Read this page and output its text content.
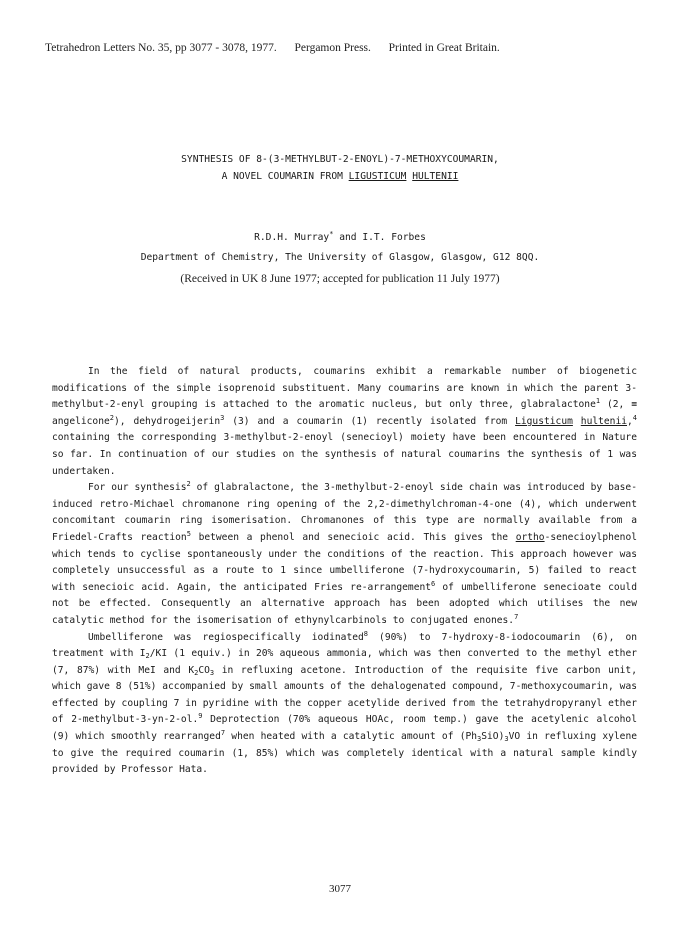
Tetrahedron Letters No. 35, pp 3077 - 3078, 1977. Pergamon Press. Printed in Great Britain.
SYNTHESIS OF 8-(3-METHYLBUT-2-ENOYL)-7-METHOXYCOUMARIN,
A NOVEL COUMARIN FROM LIGUSTICUM HULTENII
R.D.H. Murray* and I.T. Forbes
Department of Chemistry, The University of Glasgow, Glasgow, G12 8QQ.
(Received in UK 8 June 1977; accepted for publication 11 July 1977)

In the field of natural products, coumarins exhibit a remarkable number of biogenetic modifications of the simple isoprenoid substituent. Many coumarins are known in which the parent 3-methylbut-2-enyl grouping is attached to the aromatic nucleus, but only three, glabralactone$^1$ (2, ≡ angelicone$^2$), dehydrogeijerin$^3$ (3) and a coumarin (1) recently isolated from Ligusticum hultenii,$^4$ containing the corresponding 3-methylbut-2-enoyl (senecioyl) moiety have been encountered in Nature so far. In continuation of our studies on the synthesis of natural coumarins the synthesis of 1 was undertaken.

For our synthesis$^2$ of glabralactone, the 3-methylbut-2-enoyl side chain was introduced by base-induced retro-Michael chromanone ring opening of the 2,2-dimethylchroman-4-one (4), which underwent concomitant coumarin ring isomerisation. Chromanones of this type are normally available from a Friedel-Crafts reaction$^5$ between a phenol and senecioic acid. This gives the ortho-senecioylphenol which tends to cyclise spontaneously under the conditions of the reaction. This approach however was completely unsuccessful as a route to 1 since umbelliferone (7-hydroxycoumarin, 5) failed to react with senecioic acid. Again, the anticipated Fries re-arrangement$^6$ of umbelliferone senecioate could not be effected. Consequently an alternative approach has been adopted which utilises the new catalytic method for the isomerisation of ethynylcarbinols to conjugated enones.$^7$

Umbelliferone was regiospecifically iodinated$^8$ (90%) to 7-hydroxy-8-iodocoumarin (6), on treatment with $I_2/KI$ (1 equiv.) in 20% aqueous ammonia, which was then converted to the methyl ether (7, 87%) with MeI and $K_2CO_3$ in refluxing acetone. Introduction of the requisite five carbon unit, which gave 8 (51%) accompanied by small amounts of the dehalogenated compound, 7-methoxycoumarin, was effected by coupling 7 in pyridine with the copper acetylide derived from the tetrahydropyranyl ether of 2-methylbut-3-yn-2-ol.$^9$ Deprotection (70% aqueous HOAc, room temp.) gave the acetylenic alcohol (9) which smoothly rearranged$^7$ when heated with a catalytic amount of $(Ph_3SiO)_3VO$ in refluxing xylene to give the required coumarin (1, 85%) which was completely identical with a natural sample kindly provided by Professor Hata.

3077
